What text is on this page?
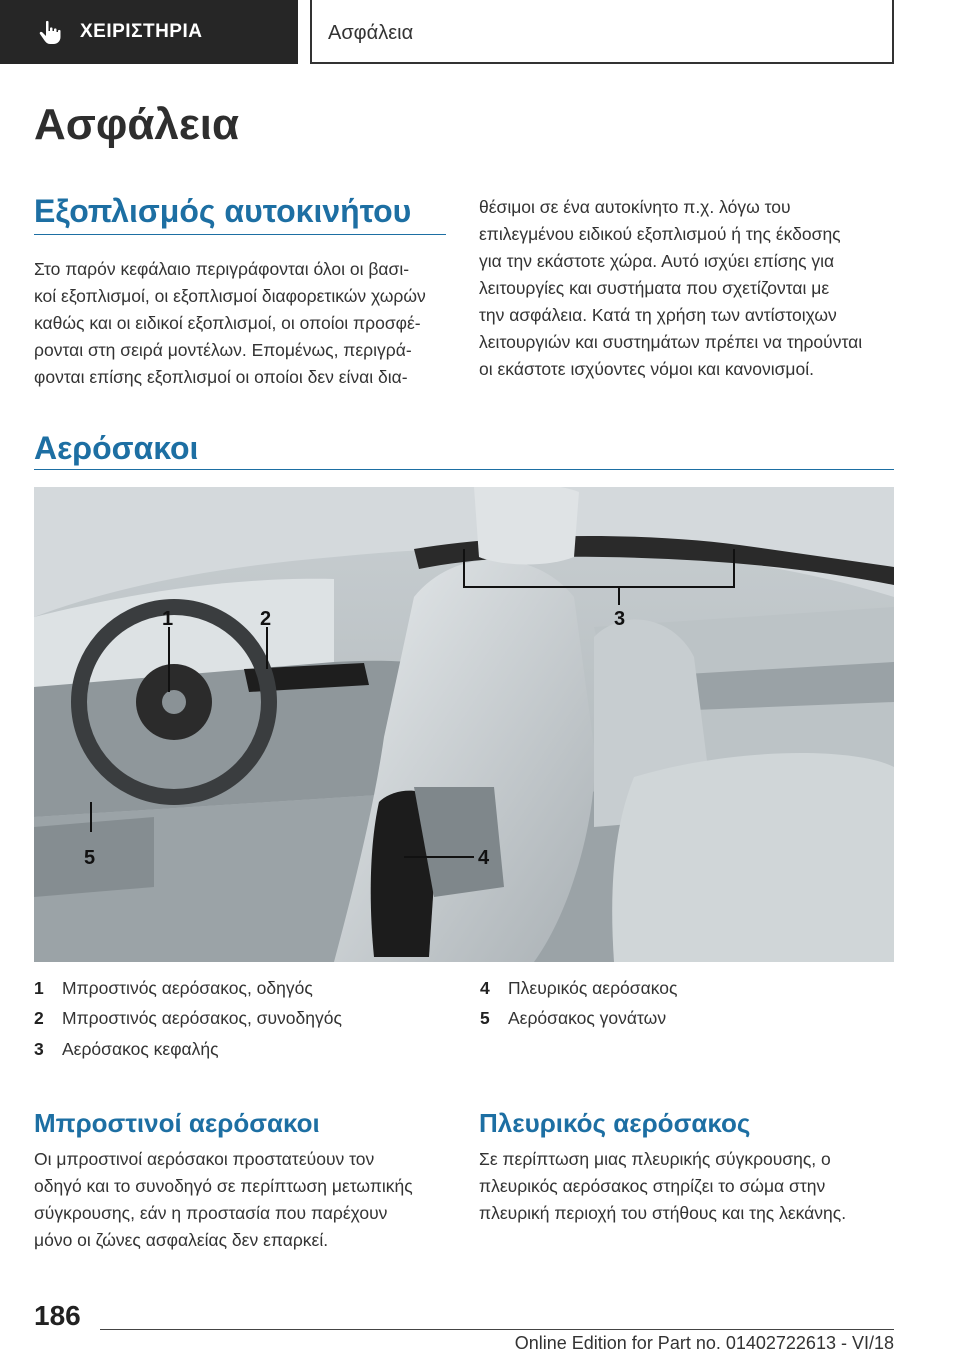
ΧΕΙΡΙΣΤΗΡΙΑ	Ασφάλεια
Ασφάλεια
Εξοπλισμός αυτοκινήτου
Στο παρόν κεφάλαιο περιγράφονται όλοι οι βασι‐
κοί εξοπλισμοί, οι εξοπλισμοί διαφορετικών χωρών
καθώς και οι ειδικοί εξοπλισμοί, οι οποίοι προσφέ‐
ρονται στη σειρά μοντέλων. Επομένως, περιγρά‐
φονται επίσης εξοπλισμοί οι οποίοι δεν είναι δια‐
θέσιμοι σε ένα αυτοκίνητο π.χ. λόγω του
επιλεγμένου ειδικού εξοπλισμού ή της έκδοσης
για την εκάστοτε χώρα. Αυτό ισχύει επίσης για
λειτουργίες και συστήματα που σχετίζονται με
την ασφάλεια. Κατά τη χρήση των αντίστοιχων
λειτουργιών και συστημάτων πρέπει να τηρούνται
οι εκάστοτε ισχύοντες νόμοι και κανονισμοί.
Αερόσακοι
1	2	3
4
5
1 Μπροστινός αερόσακος, οδηγός
2 Μπροστινός αερόσακος, συνοδηγός
3 Αερόσακος κεφαλής
4 Πλευρικός αερόσακος
5 Αερόσακος γονάτων
Μπροστινοί αερόσακοι
Οι μπροστινοί αερόσακοι προστατεύουν τον
οδηγό και το συνοδηγό σε περίπτωση μετωπικής
σύγκρουσης, εάν η προστασία που παρέχουν
μόνο οι ζώνες ασφαλείας δεν επαρκεί.
Πλευρικός αερόσακος
Σε περίπτωση μιας πλευρικής σύγκρουσης, ο
πλευρικός αερόσακος στηρίζει το σώμα στην
πλευρική περιοχή του στήθους και της λεκάνης.
186
Online Edition for Part no. 01402722613 - VI/18
